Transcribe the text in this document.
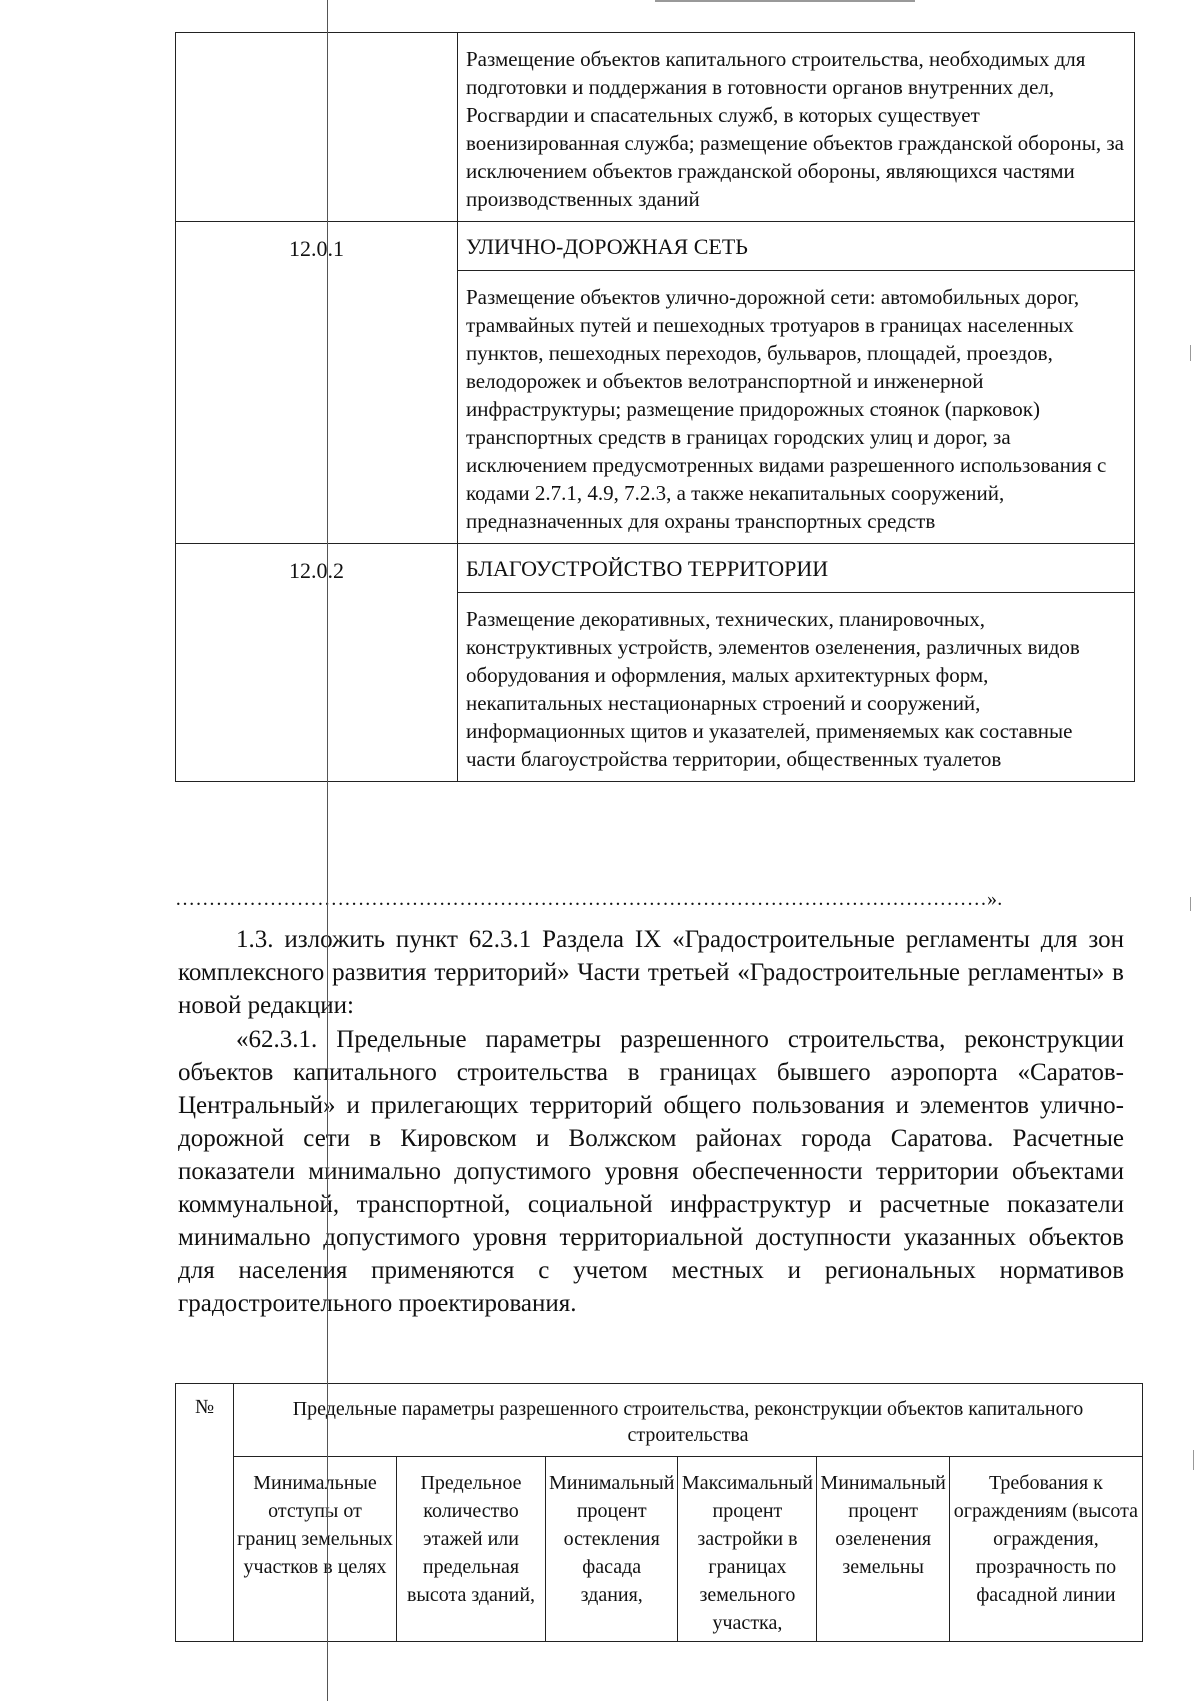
	Размещение объектов капитального строительства, необходимых для подготовки и поддержания в готовности органов внутренних дел, Росгвардии и спасательных служб, в которых существует военизированная служба; размещение объектов гражданской обороны, за исключением объектов гражданской обороны, являющихся частями производственных зданий
12.0.1	УЛИЧНО-ДОРОЖНАЯ СЕТЬ
	Размещение объектов улично-дорожной сети: автомобильных дорог, трамвайных путей и пешеходных тротуаров в границах населенных пунктов, пешеходных переходов, бульваров, площадей, проездов, велодорожек и объектов велотранспортной и инженерной инфраструктуры; размещение придорожных стоянок (парковок) транспортных средств в границах городских улиц и дорог, за исключением предусмотренных видами разрешенного использования с кодами 2.7.1, 4.9, 7.2.3, а также некапитальных сооружений, предназначенных для охраны транспортных средств
12.0.2	БЛАГОУСТРОЙСТВО ТЕРРИТОРИИ
	Размещение декоративных, технических, планировочных, конструктивных устройств, элементов озеленения, различных видов оборудования и оформления, малых архитектурных форм, некапитальных нестационарных строений и сооружений, информационных щитов и указателей, применяемых как составные части благоустройства территории, общественных туалетов
…………………………………………………………………………………………………………».

1.3. изложить пункт 62.3.1 Раздела IX «Градостроительные регламенты для зон комплексного развития территорий» Части третьей «Градостроительные регламенты» в новой редакции:

«62.3.1. Предельные параметры разрешенного строительства, реконструкции объектов капитального строительства в границах бывшего аэропорта «Саратов-Центральный» и прилегающих территорий общего пользования и элементов улично-дорожной сети в Кировском и Волжском районах города Саратова. Расчетные показатели минимально допустимого уровня обеспеченности территории объектами коммунальной, транспортной, социальной инфраструктур и расчетные показатели минимально допустимого уровня территориальной доступности указанных объектов для населения применяются с учетом местных и региональных нормативов градостроительного проектирования.

№	Предельные параметры разрешенного строительства, реконструкции объектов капитального строительства					
	Минимальные отступы от границ земельных участков в целях	Предельное количество этажей или предельная высота зданий,	Минимальный процент остекления фасада здания,	Максимальный процент застройки в границах земельного участка,	Минимальный процент озеленения земельны	Требования к ограждениям (высота ограждения, прозрачность по фасадной линии
